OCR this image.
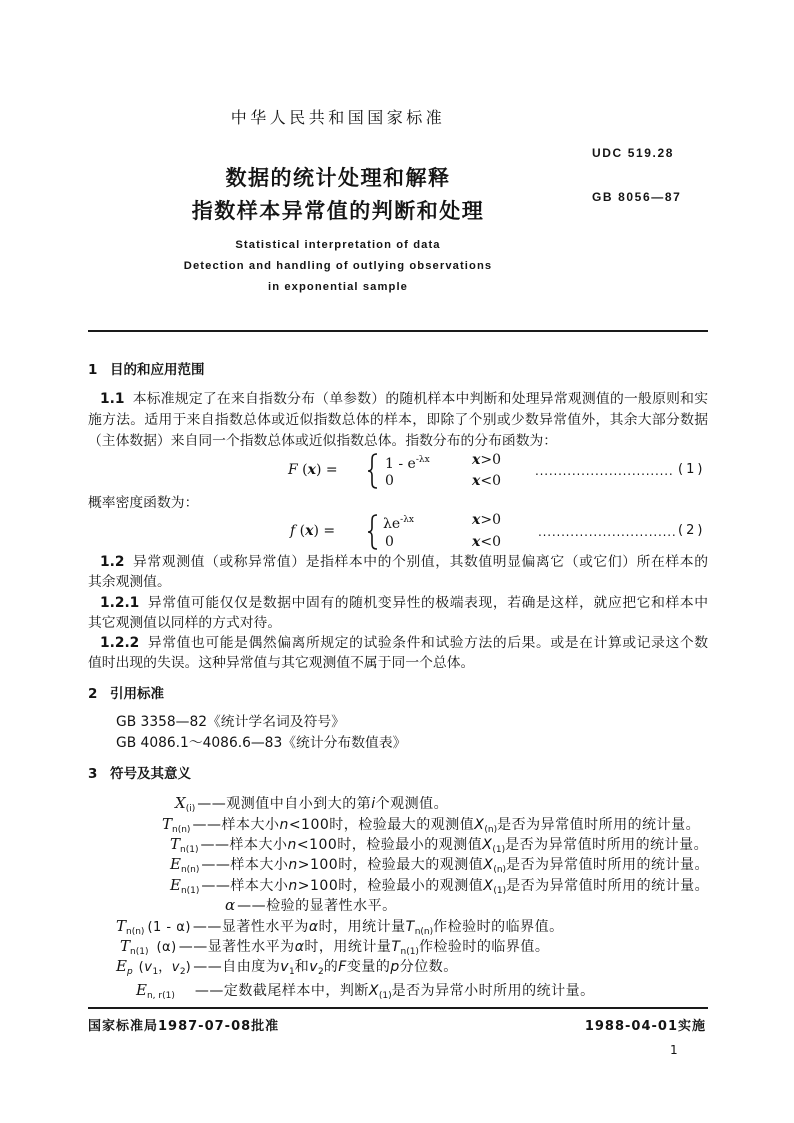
中华人民共和国国家标准
UDC 519.28
数据的统计处理和解释
GB 8056—87
指数样本异常值的判断和处理
Statistical interpretation of data
Detection and handling of outlying observations
in exponential sample
1 目的和应用范围
1.1 本标准规定了在来自指数分布（单参数）的随机样本中判断和处理异常观测值的一般原则和实
施方法。适用于来自指数总体或近似指数总体的样本，即除了个别或少数异常值外，其余大部分数据
（主体数据）来自同一个指数总体或近似指数总体。指数分布的分布函数为：
F (x) =	$1 - e^{-\lambda x}$	x>0
0	x<0
.............................. (1)
概率密度函数为：
f (x) =	$\lambda e^{-\lambda x}$	x>0
0	x<0
.............................. (2)
1.2 异常观测值（或称异常值）是指样本中的个别值，其数值明显偏离它（或它们）所在样本的
其余观测值。
1.2.1 异常值可能仅仅是数据中固有的随机变异性的极端表现，若确是这样，就应把它和样本中
其它观测值以同样的方式对待。
1.2.2 异常值也可能是偶然偏离所规定的试验条件和试验方法的后果。或是在计算或记录这个数
值时出现的失误。这种异常值与其它观测值不属于同一个总体。
2 引用标准
GB 3358—82《统计学名词及符号》
GB 4086.1～4086.6—83《统计分布数值表》
3 符号及其意义
$X_{(i)}$ ——观测值中自小到大的第i个观测值。
$T_{n(n)}$ ——样本大小n<100时，检验最大的观测值$X_{(n)}$是否为异常值时所用的统计量。
$T_{n(1)}$ ——样本大小n<100时，检验最小的观测值$X_{(1)}$是否为异常值时所用的统计量。
$E_{n(n)}$ ——样本大小n>100时，检验最大的观测值$X_{(n)}$是否为异常值时所用的统计量。
$E_{n(1)}$ ——样本大小n>100时，检验最小的观测值$X_{(1)}$是否为异常值时所用的统计量。
α ——检验的显著性水平。
$T_{n(n)}$ (1 - α) ——显著性水平为α时，用统计量$T_{n(n)}$作检验时的临界值。
$T_{n(1)}$ (α) ——显著性水平为α时，用统计量$T_{n(1)}$作检验时的临界值。
$E_p$ ($v_1$，$v_2$) ——自由度为$v_1$和$v_2$的F变量的p分位数。
$E_{n, r(1)}$ ——定数截尾样本中，判断$X_{(1)}$是否为异常小时所用的统计量。
国家标准局1987-07-08批准	1988-04-01实施
1
